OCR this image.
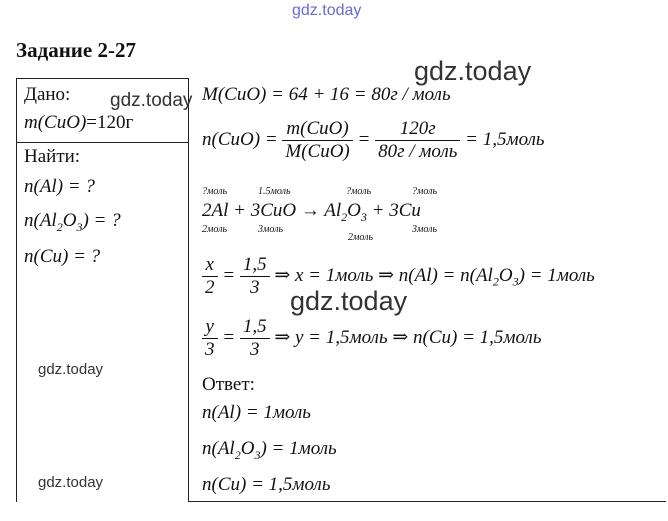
gdz.today
Задание 2-27
Дано:
m(CuO)=120г
Найти:
n(Al) = ?
$n(Al_2O_3)$ = ?
n(Cu) = ?
M(CuO) = 64 + 16 = 80г / моль
$n(CuO) = \frac{\text{m(CuO)}}{\text{M(CuO)}} = \frac{120г}{\text{80г / моль}}$ = 1,5моль
?моль	1.5моль	?моль	?моль
$2Al + 3CuO \to Al_2O_3 + 3Cu$
2моль	3моль
2моль
3моль
$\frac{x}{2} = \frac{1,5}{3}$ ⇒ x = 1моль ⇒ $n(Al) = n(Al_2O_3)$ = 1моль
$\frac{y}{3} = \frac{1,5}{3}$ ⇒ y = 1,5моль ⇒ n(Cu) = 1,5моль
Ответ:
n(Al) = 1моль
$n(Al_2O_3)$ = 1моль
n(Cu) = 1,5моль
gdz.today
gdz.today
gdz.today
gdz.today
gdz.today
